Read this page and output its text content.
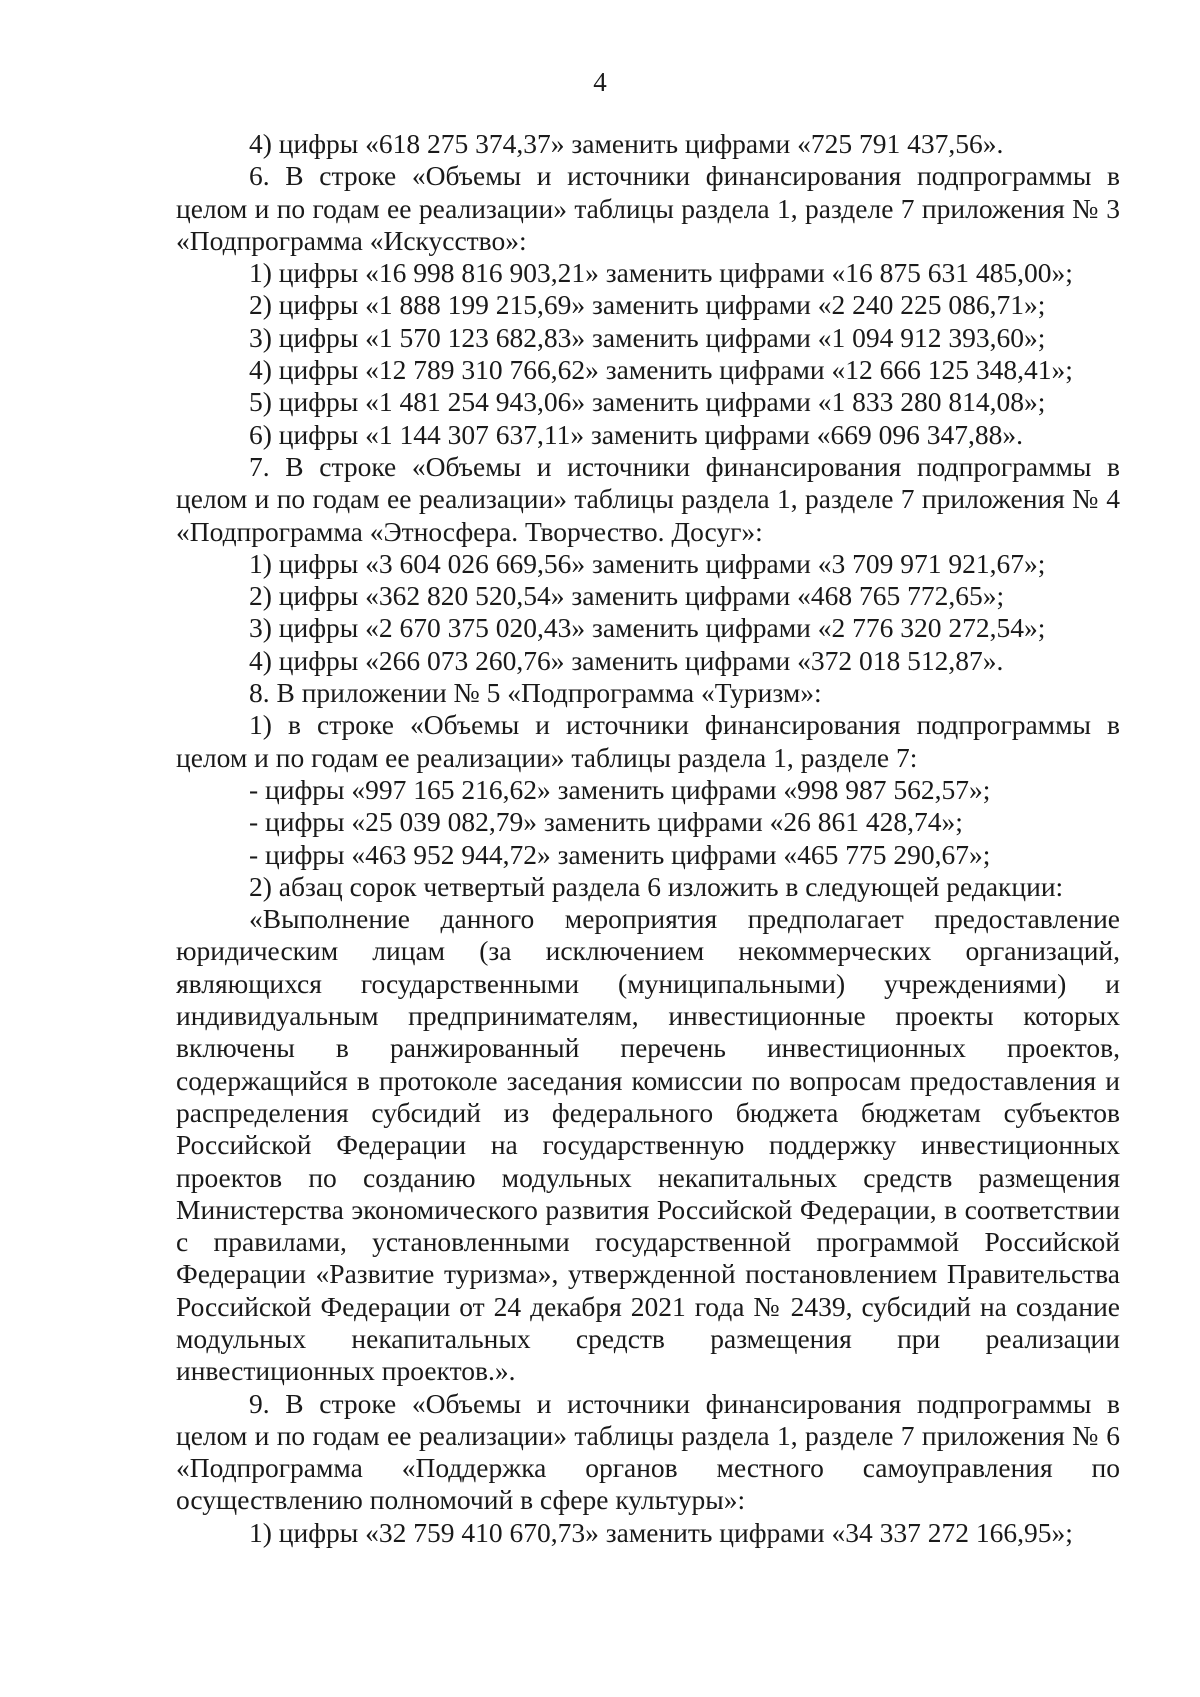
4

4) цифры «618 275 374,37» заменить цифрами «725 791 437,56».

6. В строке «Объемы и источники финансирования подпрограммы в целом и по годам ее реализации» таблицы раздела 1, разделе 7 приложения № 3 «Подпрограмма «Искусство»:

1) цифры «16 998 816 903,21» заменить цифрами «16 875 631 485,00»;

2) цифры «1 888 199 215,69» заменить цифрами «2 240 225 086,71»;

3) цифры «1 570 123 682,83» заменить цифрами «1 094 912 393,60»;

4) цифры «12 789 310 766,62» заменить цифрами «12 666 125 348,41»;

5) цифры «1 481 254 943,06» заменить цифрами «1 833 280 814,08»;

6) цифры «1 144 307 637,11» заменить цифрами «669 096 347,88».

7. В строке «Объемы и источники финансирования подпрограммы в целом и по годам ее реализации» таблицы раздела 1, разделе 7 приложения № 4 «Подпрограмма «Этносфера. Творчество. Досуг»:

1) цифры «3 604 026 669,56» заменить цифрами «3 709 971 921,67»;

2) цифры «362 820 520,54» заменить цифрами «468 765 772,65»;

3) цифры «2 670 375 020,43» заменить цифрами «2 776 320 272,54»;

4) цифры «266 073 260,76» заменить цифрами «372 018 512,87».

8. В приложении № 5 «Подпрограмма «Туризм»:

1) в строке «Объемы и источники финансирования подпрограммы в целом и по годам ее реализации» таблицы раздела 1, разделе 7:

- цифры «997 165 216,62» заменить цифрами «998 987 562,57»;

- цифры «25 039 082,79» заменить цифрами «26 861 428,74»;

- цифры «463 952 944,72» заменить цифрами «465 775 290,67»;

2) абзац сорок четвертый раздела 6 изложить в следующей редакции:

«Выполнение данного мероприятия предполагает предоставление юридическим лицам (за исключением некоммерческих организаций, являющихся государственными (муниципальными) учреждениями) и индивидуальным предпринимателям, инвестиционные проекты которых включены в ранжированный перечень инвестиционных проектов, содержащийся в протоколе заседания комиссии по вопросам предоставления и распределения субсидий из федерального бюджета бюджетам субъектов Российской Федерации на государственную поддержку инвестиционных проектов по созданию модульных некапитальных средств размещения Министерства экономического развития Российской Федерации, в соответствии с правилами, установленными государственной программой Российской Федерации «Развитие туризма», утвержденной постановлением Правительства Российской Федерации от 24 декабря 2021 года № 2439, субсидий на создание модульных некапитальных средств размещения при реализации инвестиционных проектов.».

9. В строке «Объемы и источники финансирования подпрограммы в целом и по годам ее реализации» таблицы раздела 1, разделе 7 приложения № 6 «Подпрограмма «Поддержка органов местного самоуправления по осуществлению полномочий в сфере культуры»:

1) цифры «32 759 410 670,73» заменить цифрами «34 337 272 166,95»;
